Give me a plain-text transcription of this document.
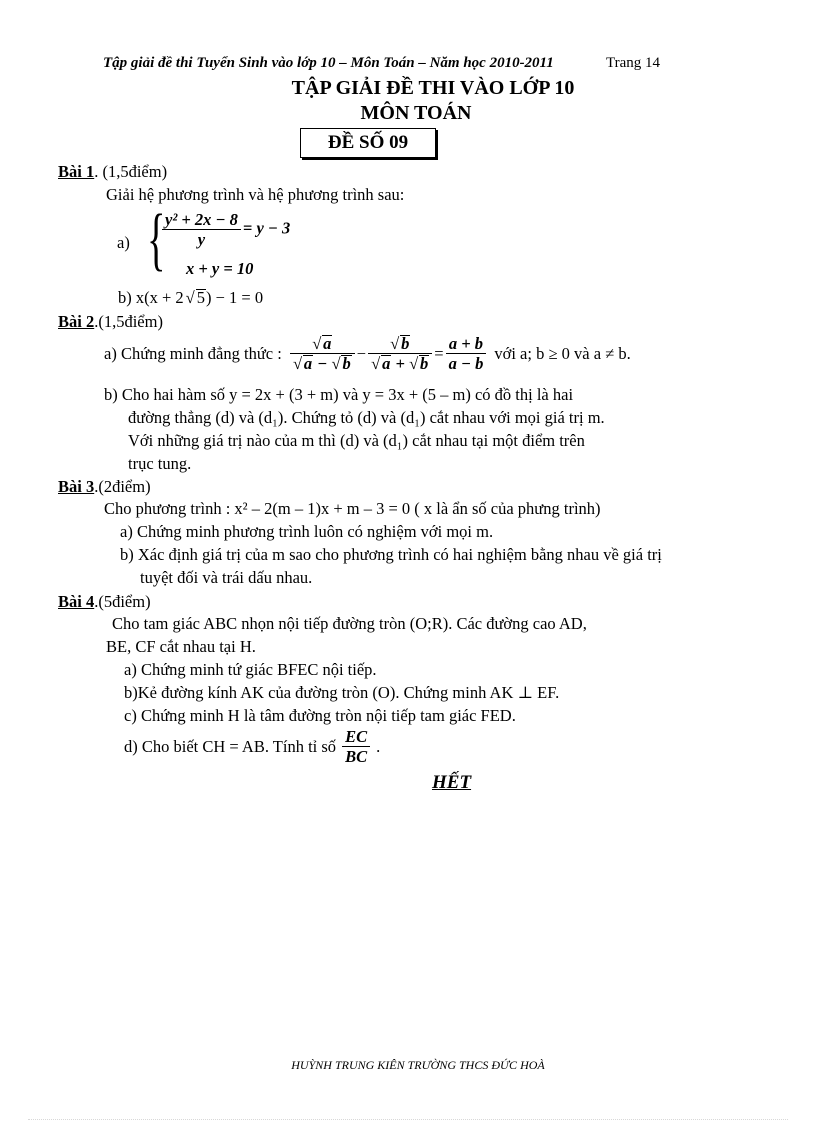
Tập giải đề thi Tuyển Sinh vào lớp 10 – Môn Toán – Năm học 2010-2011	Trang 14
TẬP GIẢI ĐỀ THI VÀO LỚP 10
MÔN TOÁN
ĐỀ SỐ 09
Bài 1. (1,5điểm)
Giải hệ phương trình và hệ phương trình sau:
a) {
$\frac{\text{y² + 2x − 8}}{y} = y - 3$
x + y = 10
b) x(x + 2 √ 5) − 1 = 0
Bài 2.(1,5điểm)
a) Chứng minh đẳng thức : $\frac{√ a}{√ a - √ b} - \frac{√ b}{√ a + √ b} = \frac{a + b}{a - b}$ với a; b ≥ 0 và a ≠ b.
b) Cho hai hàm số y = 2x + (3 + m) và y = 3x + (5 – m) có đồ thị là hai
đường thẳng (d) và (d₁). Chứng tỏ (d) và (d₁) cắt nhau với mọi giá trị m.
Với những giá trị nào của m thì (d) và (d₁) cắt nhau tại một điểm trên
trục tung.
Bài 3.(2điểm)
Cho phương trình : x² – 2(m – 1)x + m – 3 = 0 ( x là ẩn số của phưng trình)
a) Chứng minh phương trình luôn có nghiệm với mọi m.
b) Xác định giá trị của m sao cho phương trình có hai nghiệm bằng nhau về giá trị
tuyệt đối và trái dấu nhau.
Bài 4.(5điểm)
Cho tam giác ABC nhọn nội tiếp đường tròn (O;R). Các đường cao AD,
BE, CF cắt nhau tại H.
a) Chứng minh tứ giác BFEC nội tiếp.
b)Kẻ đường kính AK của đường tròn (O). Chứng minh AK ⊥ EF.
c) Chứng minh H là tâm đường tròn nội tiếp tam giác FED.
d) Cho biết CH = AB. Tính tỉ số $\frac{EC}{BC}$ .
HẾT
HUỲNH TRUNG KIÊN TRƯỜNG THCS ĐỨC HOÀ
